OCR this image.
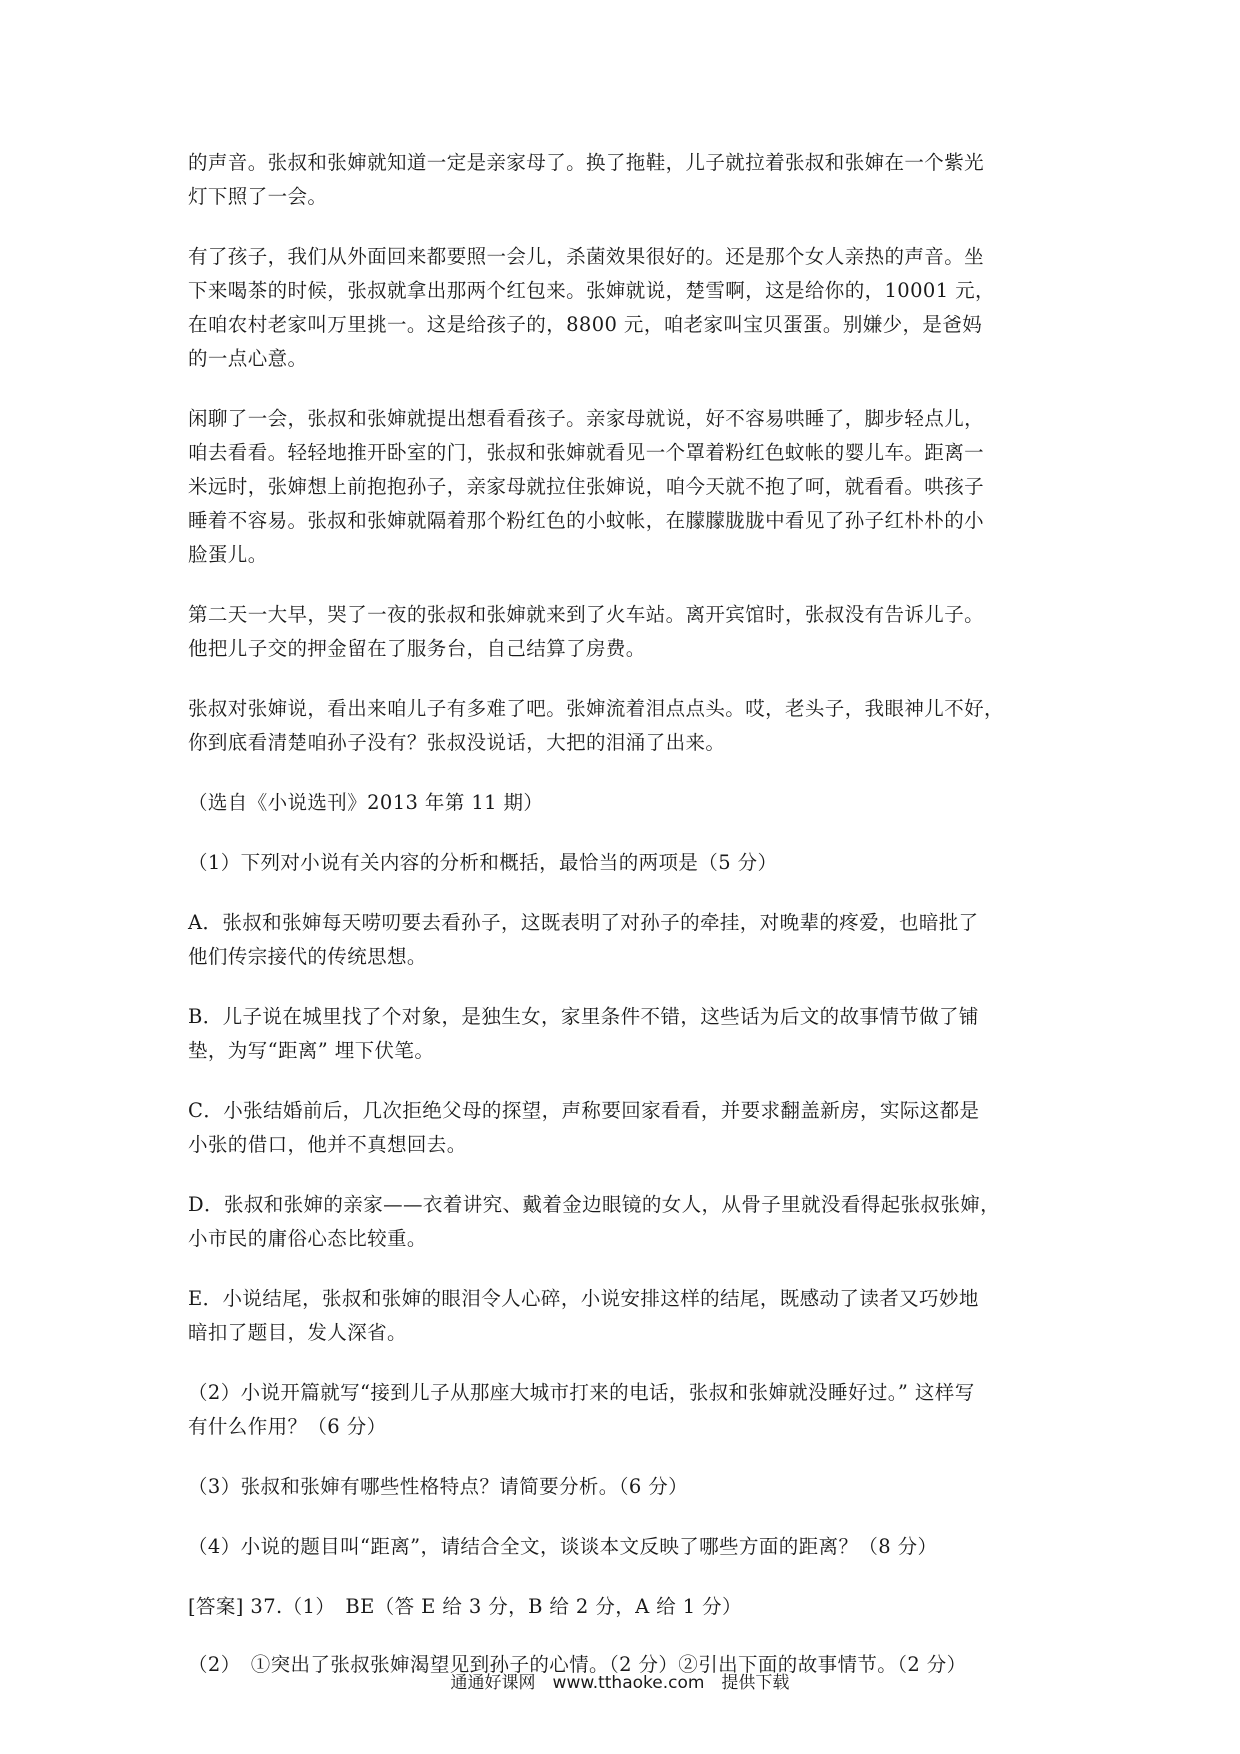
的声音。张叔和张婶就知道一定是亲家母了。换了拖鞋，儿子就拉着张叔和张婶在一个紫光
灯下照了一会。

有了孩子，我们从外面回来都要照一会儿，杀菌效果很好的。还是那个女人亲热的声音。坐
下来喝茶的时候，张叔就拿出那两个红包来。张婶就说，楚雪啊，这是给你的，10001 元，
在咱农村老家叫万里挑一。这是给孩子的，8800 元，咱老家叫宝贝蛋蛋。别嫌少，是爸妈
的一点心意。

闲聊了一会，张叔和张婶就提出想看看孩子。亲家母就说，好不容易哄睡了，脚步轻点儿，
咱去看看。轻轻地推开卧室的门，张叔和张婶就看见一个罩着粉红色蚊帐的婴儿车。距离一
米远时，张婶想上前抱抱孙子，亲家母就拉住张婶说，咱今天就不抱了呵，就看看。哄孩子
睡着不容易。张叔和张婶就隔着那个粉红色的小蚊帐，在朦朦胧胧中看见了孙子红朴朴的小
脸蛋儿。

第二天一大早，哭了一夜的张叔和张婶就来到了火车站。离开宾馆时，张叔没有告诉儿子。
他把儿子交的押金留在了服务台，自己结算了房费。

张叔对张婶说，看出来咱儿子有多难了吧。张婶流着泪点点头。哎，老头子，我眼神儿不好，
你到底看清楚咱孙子没有？张叔没说话，大把的泪涌了出来。

（选自《小说选刊》2013 年第 11 期）

（1）下列对小说有关内容的分析和概括，最恰当的两项是（5 分）

A．张叔和张婶每天唠叨要去看孙子，这既表明了对孙子的牵挂，对晚辈的疼爱，也暗批了
他们传宗接代的传统思想。

B．儿子说在城里找了个对象，是独生女，家里条件不错，这些话为后文的故事情节做了铺
垫，为写“距离” 埋下伏笔。

C．小张结婚前后，几次拒绝父母的探望，声称要回家看看，并要求翻盖新房，实际这都是
小张的借口，他并不真想回去。

D．张叔和张婶的亲家——衣着讲究、戴着金边眼镜的女人，从骨子里就没看得起张叔张婶，
小市民的庸俗心态比较重。

E．小说结尾，张叔和张婶的眼泪令人心碎，小说安排这样的结尾，既感动了读者又巧妙地
暗扣了题目，发人深省。

（2）小说开篇就写“接到儿子从那座大城市打来的电话，张叔和张婶就没睡好过。” 这样写
有什么作用？（6 分）

（3）张叔和张婶有哪些性格特点？请简要分析。（6 分）

（4）小说的题目叫“距离”，请结合全文，谈谈本文反映了哪些方面的距离？（8 分）

[答案] 37.（1）　BE（答 E 给 3 分，B 给 2 分，A 给 1 分）

（2）　①突出了张叔张婶渴望见到孙子的心情。（2 分）②引出下面的故事情节。（2 分）

通通好课网　www.tthaoke.com　提供下载
